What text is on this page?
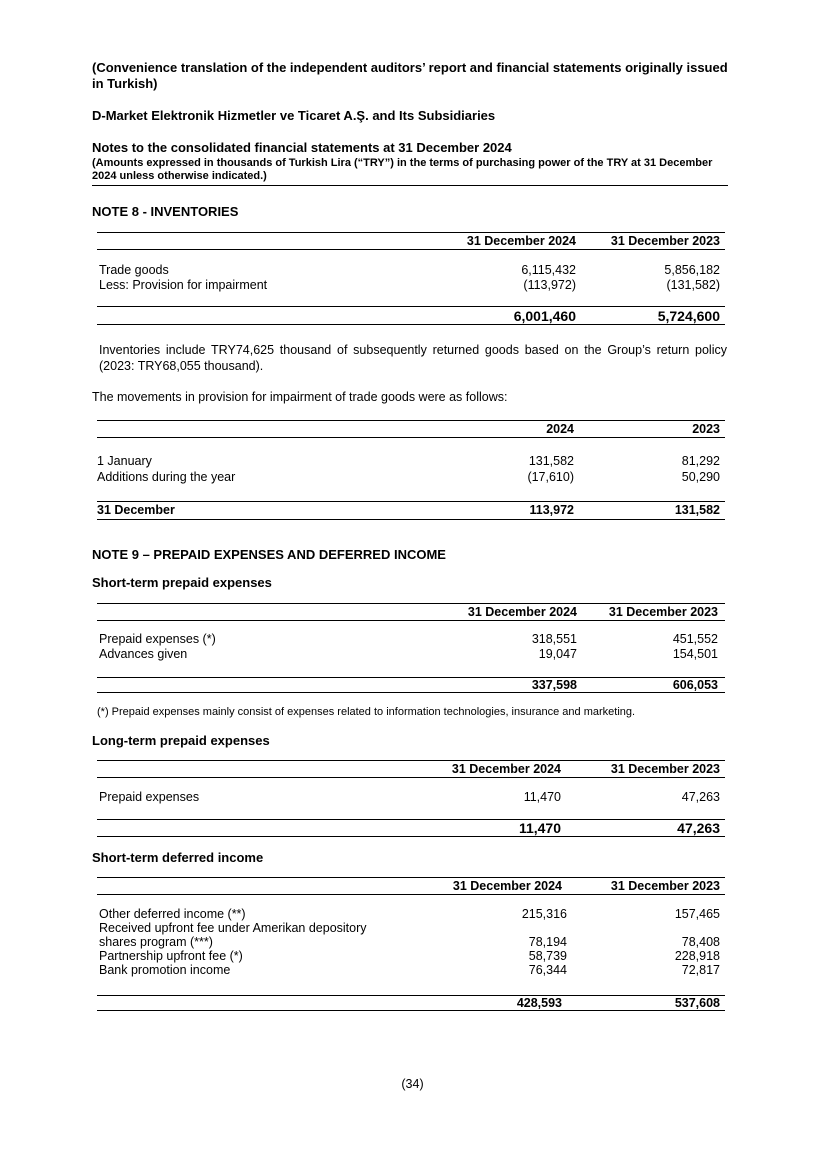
(Convenience translation of the independent auditors’ report and financial statements originally issued in Turkish)
D-Market Elektronik Hizmetler ve Ticaret A.Ş. and Its Subsidiaries
Notes to the consolidated financial statements at 31 December 2024
(Amounts expressed in thousands of Turkish Lira (“TRY”) in the terms of purchasing power of the TRY at 31 December 2024 unless otherwise indicated.)
NOTE 8 - INVENTORIES
31 December 2024	31 December 2023
Trade goods	6,115,432	5,856,182
Less: Provision for impairment	(113,972)	(131,582)
6,001,460	5,724,600
Inventories include TRY74,625 thousand of subsequently returned goods based on the Group’s return policy (2023: TRY68,055 thousand).
The movements in provision for impairment of trade goods were as follows:
2024	2023
1 January	131,582	81,292
Additions during the year	(17,610)	50,290
31 December	113,972	131,582
NOTE 9 – PREPAID EXPENSES AND DEFERRED INCOME
Short-term prepaid expenses
31 December 2024	31 December 2023
Prepaid expenses (*)	318,551	451,552
Advances given	19,047	154,501
337,598	606,053
(*) Prepaid expenses mainly consist of expenses related to information technologies, insurance and marketing.
Long-term prepaid expenses
31 December 2024	31 December 2023
Prepaid expenses	11,470	47,263
11,470	47,263
Short-term deferred income
31 December 2024	31 December 2023
Other deferred income (**)	215,316	157,465
Received upfront fee under Amerikan depository
shares program (***)	78,194	78,408
Partnership upfront fee (*)	58,739	228,918
Bank promotion income	76,344	72,817
428,593	537,608
(34)
